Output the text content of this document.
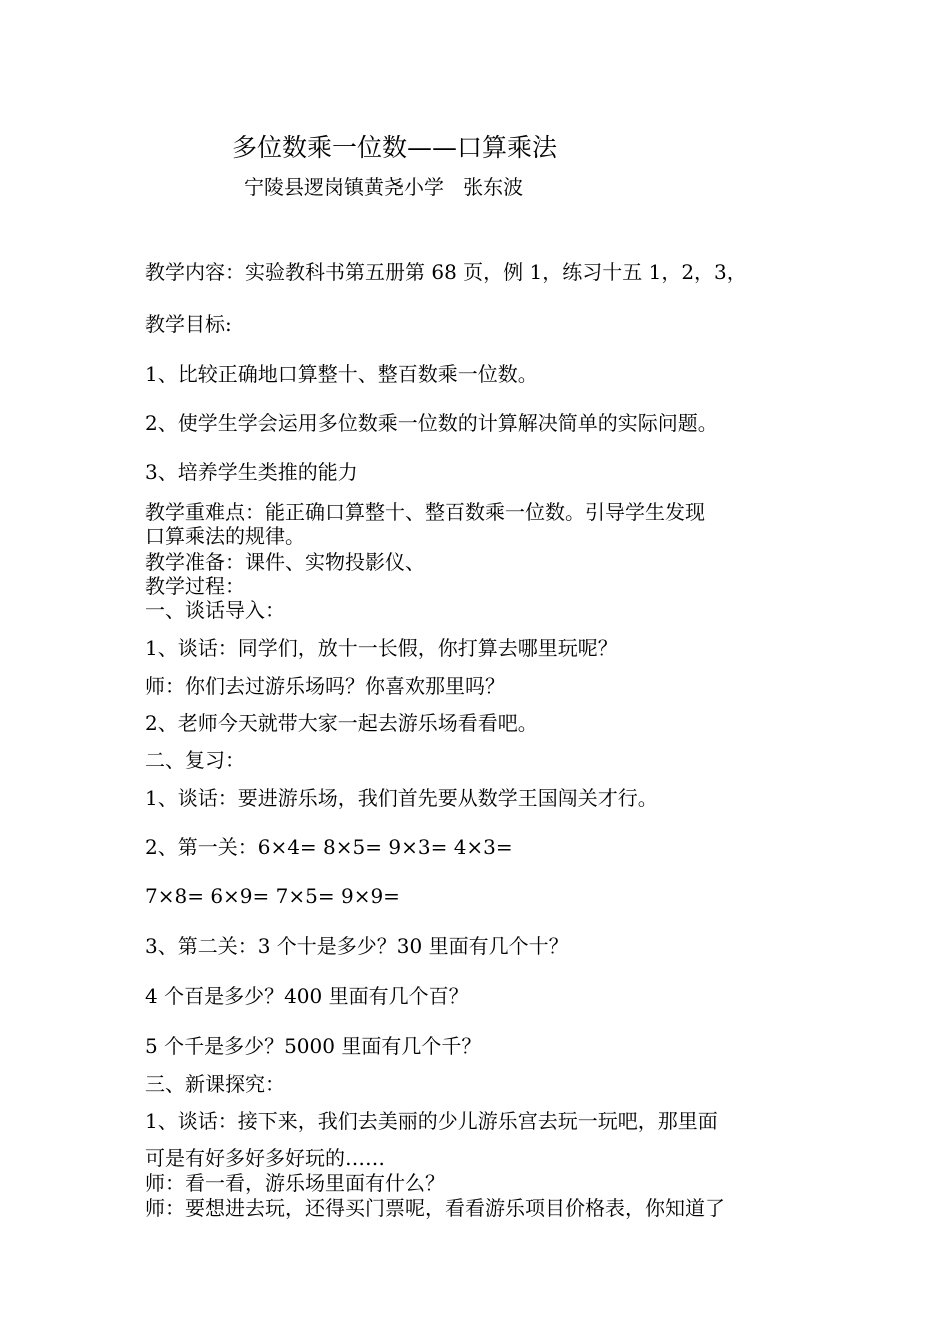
多位数乘一位数——口算乘法
宁陵县逻岗镇黄尧小学   张东波
教学内容：实验教科书第五册第 68 页，例 1，练习十五 1，2，3，
教学目标:
1、比较正确地口算整十、整百数乘一位数。
2、使学生学会运用多位数乘一位数的计算解决简单的实际问题。
3、培养学生类推的能力
教学重难点：能正确口算整十、整百数乘一位数。引导学生发现
口算乘法的规律。
教学准备：课件、实物投影仪、
教学过程：
一、谈话导入：
1、谈话：同学们，放十一长假，你打算去哪里玩呢？
师：你们去过游乐场吗？你喜欢那里吗？
2、老师今天就带大家一起去游乐场看看吧。
二、复习：
1、谈话：要进游乐场，我们首先要从数学王国闯关才行。
2、第一关：6×4= 8×5= 9×3= 4×3=
7×8= 6×9= 7×5= 9×9=
3、第二关：3 个十是多少？30 里面有几个十？
4 个百是多少？400 里面有几个百？
5 个千是多少？5000 里面有几个千？
三、新课探究：
1、谈话：接下来，我们去美丽的少儿游乐宫去玩一玩吧，那里面
可是有好多好多好玩的……
师：看一看，游乐场里面有什么？
师：要想进去玩，还得买门票呢，看看游乐项目价格表，你知道了
